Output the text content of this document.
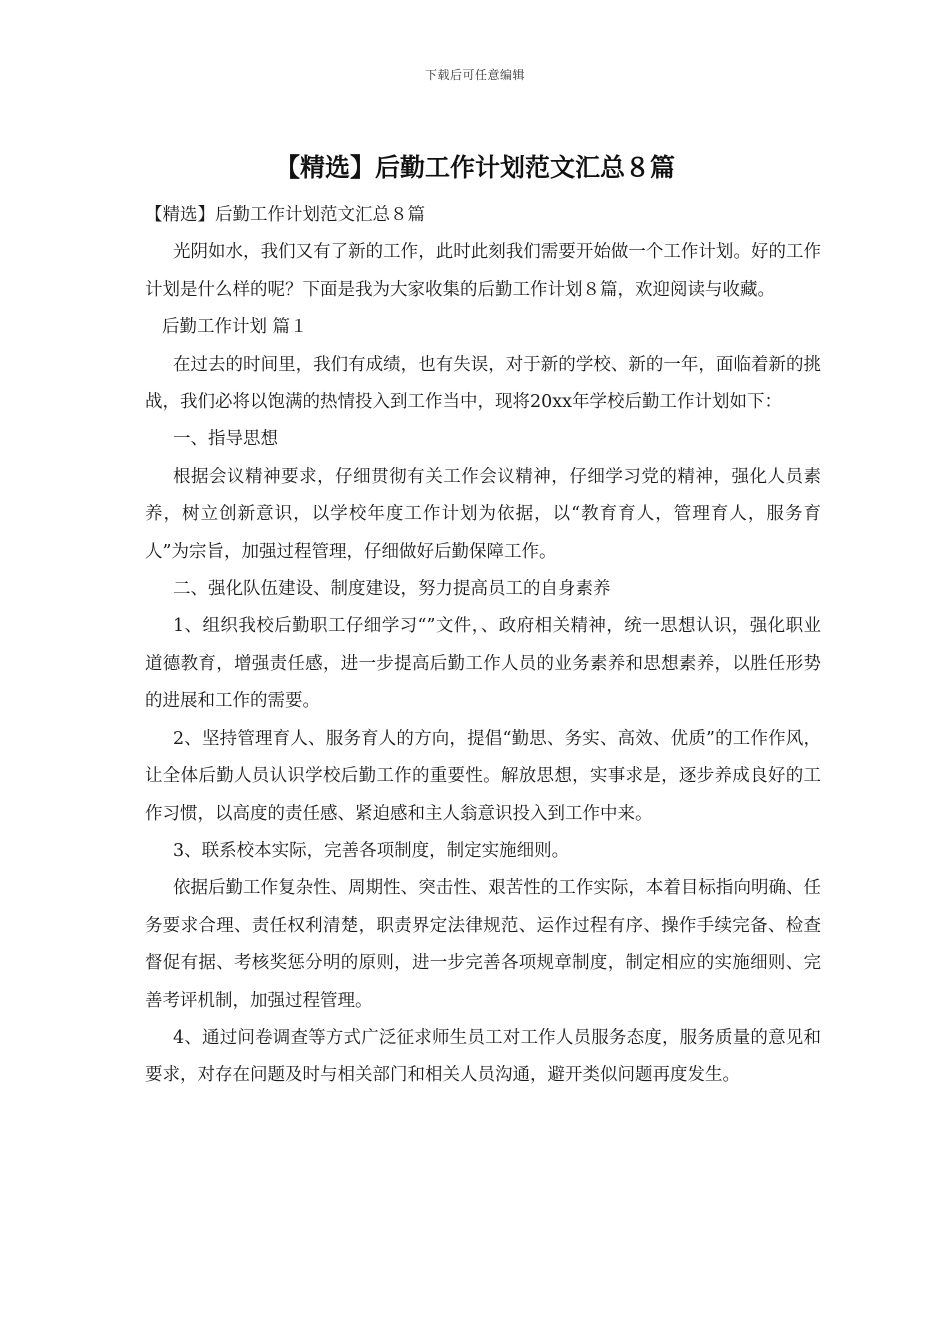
下载后可任意编辑
【精选】后勤工作计划范文汇总８篇

【精选】后勤工作计划范文汇总８篇

光阴如水，我们又有了新的工作，此时此刻我们需要开始做一个工作计划。好的工作计划是什么样的呢？下面是我为大家收集的后勤工作计划８篇，欢迎阅读与收藏。

后勤工作计划 篇１

在过去的时间里，我们有成绩，也有失误，对于新的学校、新的一年，面临着新的挑战，我们必将以饱满的热情投入到工作当中，现将20xx年学校后勤工作计划如下：

一、指导思想

根据会议精神要求，仔细贯彻有关工作会议精神，仔细学习党的精神，强化人员素养，树立创新意识，以学校年度工作计划为依据，以“教育育人，管理育人，服务育人”为宗旨，加强过程管理，仔细做好后勤保障工作。

二、强化队伍建设、制度建设，努力提高员工的自身素养

1、组织我校后勤职工仔细学习“”文件，、政府相关精神，统一思想认识，强化职业道德教育，增强责任感，进一步提高后勤工作人员的业务素养和思想素养，以胜任形势的进展和工作的需要。

2、坚持管理育人、服务育人的方向，提倡“勤思、务实、高效、优质”的工作作风，让全体后勤人员认识学校后勤工作的重要性。解放思想，实事求是，逐步养成良好的工作习惯，以高度的责任感、紧迫感和主人翁意识投入到工作中来。

3、联系校本实际，完善各项制度，制定实施细则。

依据后勤工作复杂性、周期性、突击性、艰苦性的工作实际，本着目标指向明确、任务要求合理、责任权利清楚，职责界定法律规范、运作过程有序、操作手续完备、检查督促有据、考核奖惩分明的原则，进一步完善各项规章制度，制定相应的实施细则、完善考评机制，加强过程管理。

4、通过问卷调查等方式广泛征求师生员工对工作人员服务态度，服务质量的意见和要求，对存在问题及时与相关部门和相关人员沟通，避开类似问题再度发生。
